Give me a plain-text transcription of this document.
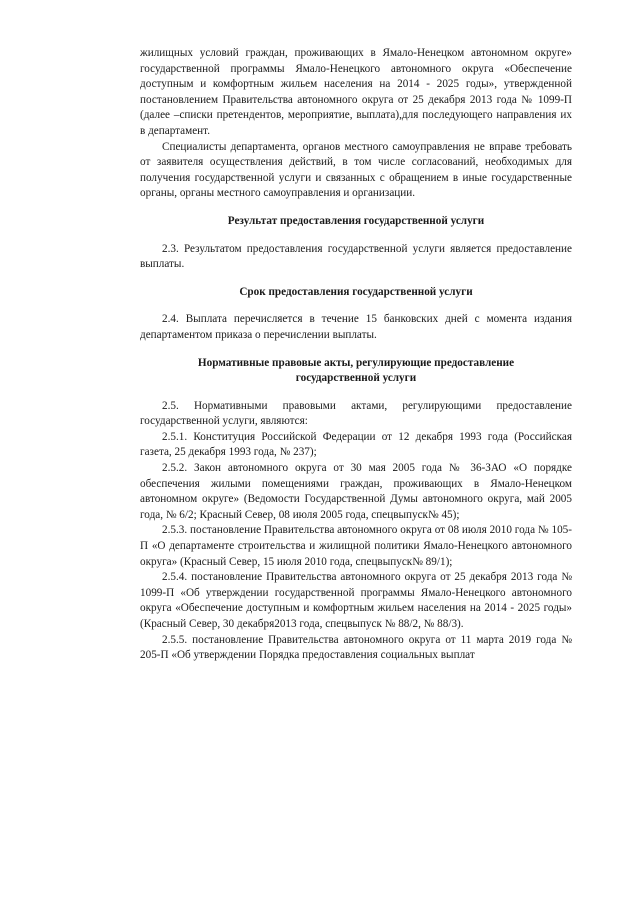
жилищных условий граждан, проживающих в Ямало-Ненецком автономном округе» государственной программы Ямало-Ненецкого автономного округа «Обеспечение доступным и комфортным жильем населения на 2014 - 2025 годы», утвержденной постановлением Правительства автономного округа от 25 декабря 2013 года № 1099-П (далее –списки претендентов, мероприятие, выплата),для последующего направления их в департамент.

Специалисты департамента, органов местного самоуправления не вправе требовать от заявителя осуществления действий, в том числе согласований, необходимых для получения государственной услуги и связанных с обращением в иные государственные органы, органы местного самоуправления и организации.

Результат предоставления государственной услуги

2.3. Результатом предоставления государственной услуги является предоставление выплаты.

Срок предоставления государственной услуги

2.4. Выплата перечисляется в течение 15 банковских дней с момента издания департаментом приказа о перечислении выплаты.

Нормативные правовые акты, регулирующие предоставление

государственной услуги

2.5. Нормативными правовыми актами, регулирующими предоставление государственной услуги, являются:

2.5.1. Конституция Российской Федерации от 12 декабря 1993 года (Российская газета, 25 декабря 1993 года, № 237);

2.5.2. Закон автономного округа от 30 мая 2005 года № 36-ЗАО «О порядке обеспечения жилыми помещениями граждан, проживающих в Ямало-Ненецком автономном округе» (Ведомости Государственной Думы автономного округа, май 2005 года, № 6/2; Красный Север, 08 июля 2005 года, спецвыпуск№ 45);

2.5.3. постановление Правительства автономного округа от 08 июля 2010 года № 105-П «О департаменте строительства и жилищной политики Ямало-Ненецкого автономного округа» (Красный Север, 15 июля 2010 года, спецвыпуск№ 89/1);

2.5.4. постановление Правительства автономного округа от 25 декабря 2013 года № 1099-П «Об утверждении государственной программы Ямало-Ненецкого автономного округа «Обеспечение доступным и комфортным жильем населения на 2014 - 2025 годы» (Красный Север, 30 декабря2013 года, спецвыпуск № 88/2, № 88/3).

2.5.5. постановление Правительства автономного округа от 11 марта 2019 года № 205-П «Об утверждении Порядка предоставления социальных выплат
